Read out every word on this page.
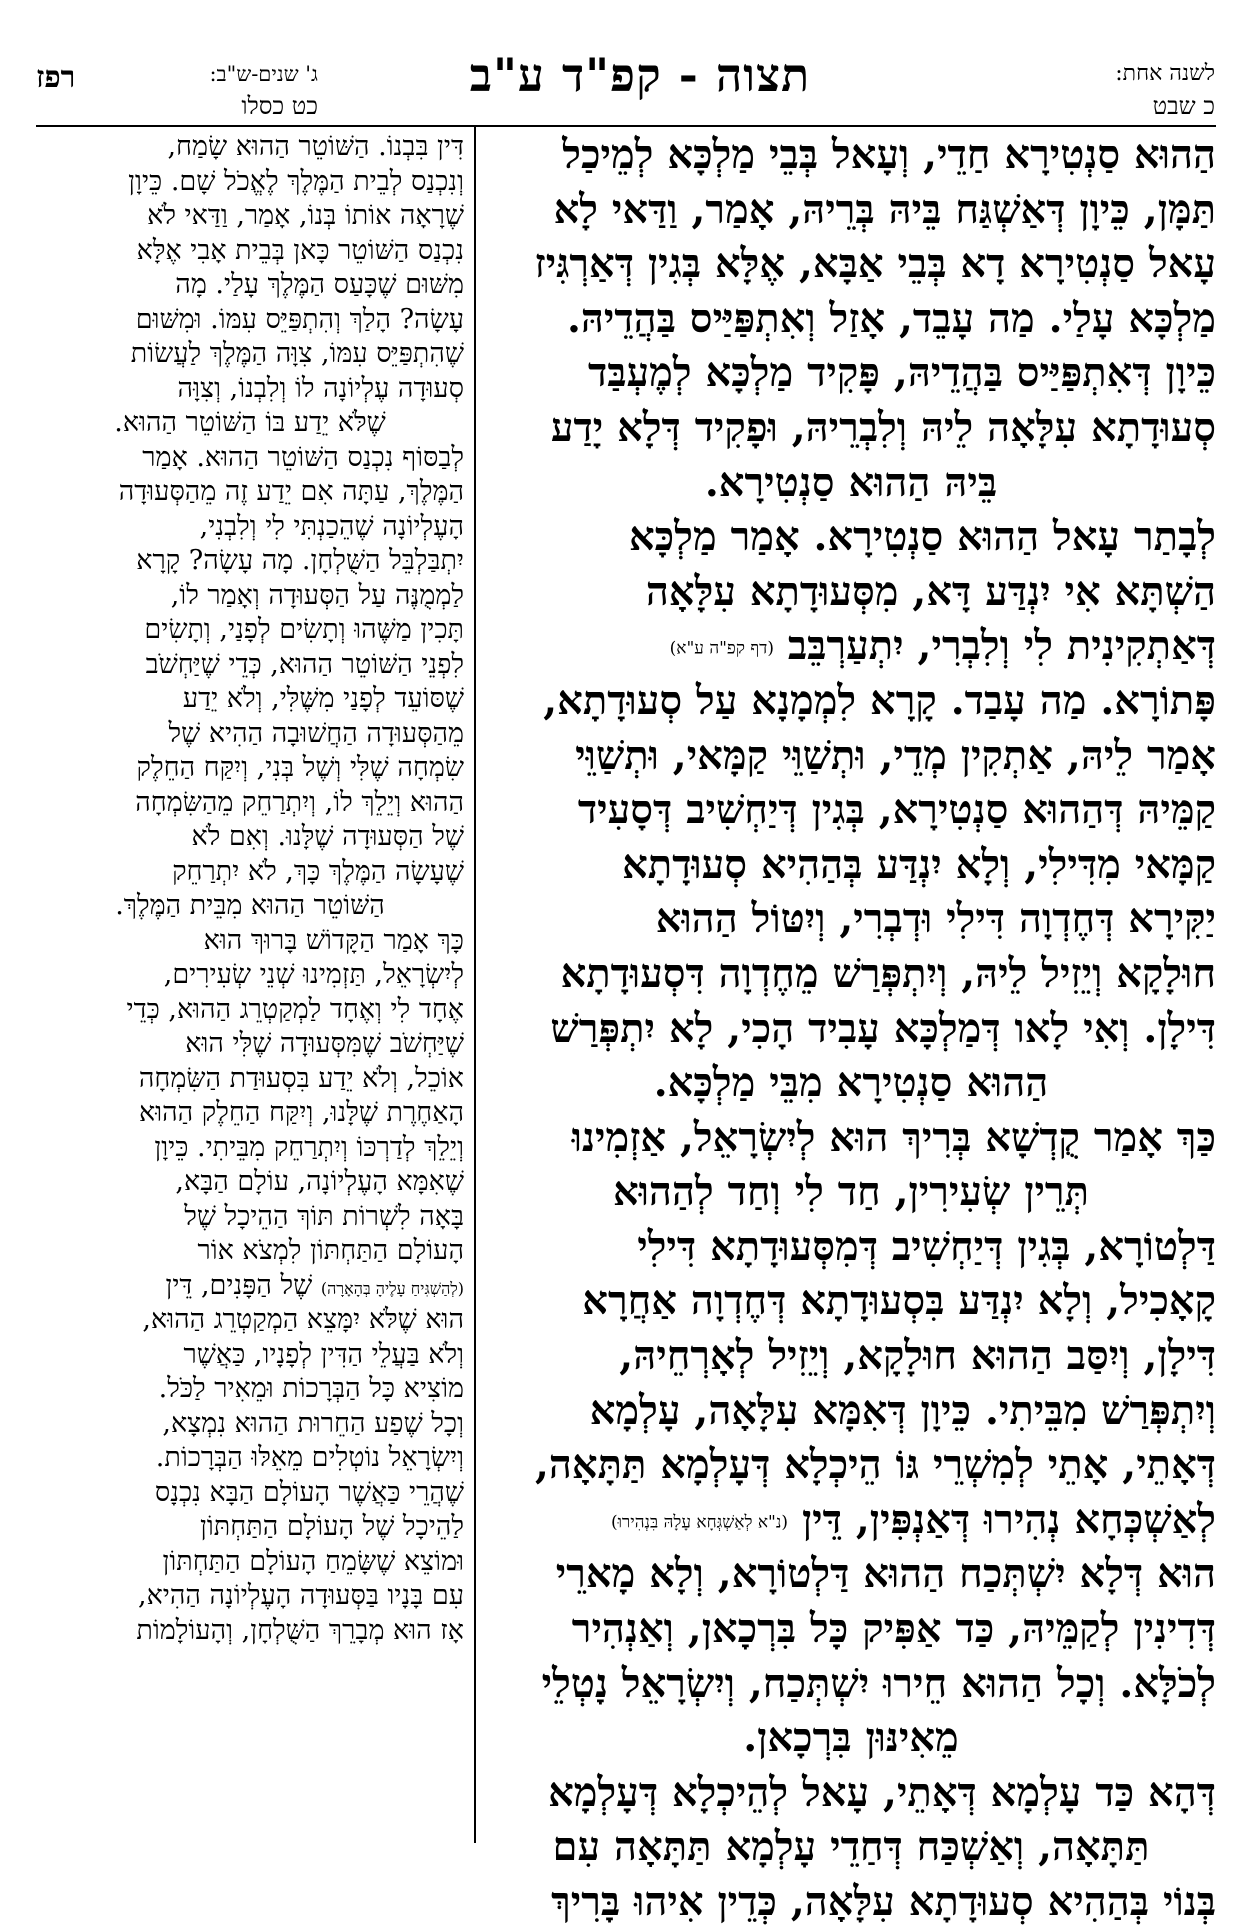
רפז	ג' שנים-ש"ב:
כט כסלו
תצוה - קפ"ד ע"ב	לשנה אחת:
כ שבט
הַהוּא סַנְטִירָא חַדֵי, וְעָאל בְּבֵי מַלְכָּא לְמֵיכַל
תַּמָּן, כֵּיוָן דְּאַשְׁגַּח בֵּיהּ בְּרֵיהּ, אָמַר, וַדַּאי לָא
עָאל סַנְטִירָא דָא בְּבֵי אַבָּא, אֶלָּא בְּגִין דְּאַרְגִּיז
מַלְכָּא עָלַי. מַה עָבֵד, אָזַל וְאִתְפַּיַּיס בַּהֲדֵיהּ.
כֵּיוָן דְּאִתְפַּיַּיס בַּהֲדֵיהּ, פָּקִיד מַלְכָּא לְמֶעְבַּד
סְעוּדָתָא עִלָּאָה לֵיהּ וְלִבְרֵיהּ, וּפָקִיד דְּלָא יָדַע
בֵּיהּ הַהוּא סַנְטִירָא.
לְבָתַר עָאל הַהוּא סַנְטִירָא. אָמַר מַלְכָּא
הַשְׁתָּא אִי יִנְדַּע דָּא, מִסְּעוּדָתָא עִלָּאָה
דְּאַתְקִינִית לִי וְלִבְרִי, יִתְעַרְבֵּב (דף קפ"ה ע"א)
פָּתוֹרָא. מַה עָבַד. קָרָא לִמְמָנָא עַל סְעוּדָתָא,
אָמַר לֵיהּ, אַתְקִין מְדֵי, וּתְשַׁוֵּי קַמָּאי, וּתְשַׁוֵּי
קַמֵּיהּ דְּהַהוּא סַנְטִירָא, בְּגִין דְּיַחְשִׁיב דְּסָעִיד
קַמָּאי מִדִּילִי, וְלָא יִנְדַּע בְּהַהִיא סְעוּדָתָא
יַקִּירָא דְּחֶדְוָה דִּילִי וּדְבְרִי, וְיִטּוֹל הַהוּא
חוּלָקָא וְיֵזִיל לֵיהּ, וְיִתְפְּרַשׁ מֵחֶדְוָה דִּסְעוּדָתָא
דִּילָן. וְאִי לָאו דְּמַלְכָּא עָבִיד הָכִי, לָא יִתְפְּרַשׁ
הַהוּא סַנְטִירָא מִבֵּי מַלְכָּא.
כַּךְ אָמַר קֻדְשָׁא בְּרִיךְ הוּא לְיִשְׂרָאֵל, אַזְמִינוּ
תְּרֵין שְׂעִירִין, חַד לִי וְחַד לְהַהוּא
דַּלְטוֹרָא, בְּגִין דְּיַחְשִׁיב דְּמִסְּעוּדָתָא דִּילִי
קָאָכִיל, וְלָא יִנְדַּע בִּסְעוּדָתָא דְּחֶדְוָה אַחֲרָא
דִּילָן, וְיִסַּב הַהוּא חוּלָקָא, וְיֵזִיל לְאָרְחֵיהּ,
וְיִתְפְּרַשׁ מִבֵּיתִי. כֵּיוָן דְּאִמָּא עִלָּאָה, עָלְמָא
דְּאָתֵי, אָתֵי לְמִשְׁרֵי גּוֹ הֵיכְלָא דְּעָלְמָא תַּתָּאָה,
לְאַשְׁכְּחָא נְהִירוּ דְּאַנְפִּין, דֵּין (נ"א לְאַשְׁגְּחָא עָלָהּ בִּנְהִירוּ)
הוּא דְּלָא יִשְׁתְּכַח הַהוּא דַּלְטוֹרָא, וְלָא מָארֵי
דְּדִינִין לְקַמֵּיהּ, כַּד אַפִּיק כָּל בִּרְכָאן, וְאַנְהִיר
לְכֹלָּא. וְכָל הַהוּא חֵירוּ יִשְׁתְּכַח, וְיִשְׂרָאֵל נָטְלֵי
מֵאִינּוּן בִּרְכָאן.
דְּהָא כַּד עָלְמָא דְּאָתֵי, עָאל לְהֵיכְלָא דְּעָלְמָא
תַּתָּאָה, וְאַשְׁכַּח דְּחַדֵי עָלְמָא תַּתָּאָה עִם
בְּנוֹי בְּהַהִיא סְעוּדָתָא עִלָּאָה, כְּדֵין אִיהוּ בָּרִיךְ
דִּין בִּבְנוֹ. הַשּׁוֹטֵר הַהוּא שָׂמַח,
וְנִכְנַס לְבֵית הַמֶּלֶךְ לֶאֱכֹל שָׁם. כֵּיוָן
שֶׁרָאָה אוֹתוֹ בְּנוֹ, אָמַר, וַדַּאי לֹא
נִכְנַס הַשּׁוֹטֵר כָּאן בְּבֵית אָבִי אֶלָּא
מִשּׁוּם שֶׁכָּעַס הַמֶּלֶךְ עָלַי. מָה
עָשָׂה? הָלַךְ וְהִתְפַּיֵּס עִמּוֹ. וּמִשּׁוּם
שֶׁהִתְפַּיֵּס עִמּוֹ, צִוָּה הַמֶּלֶךְ לַעֲשׂוֹת
סְעוּדָה עֶלְיוֹנָה לוֹ וְלִבְנוֹ, וְצִוָּה
שֶׁלֹּא יֵדַע בּוֹ הַשּׁוֹטֵר הַהוּא.
לְבַסּוֹף נִכְנַס הַשּׁוֹטֵר הַהוּא. אָמַר
הַמֶּלֶךְ, עַתָּה אִם יֵדַע זֶה מֵהַסְּעוּדָה
הָעֶלְיוֹנָה שֶׁהֵכַנְתִּי לִי וְלִבְנִי,
יִתְבַּלְבֵּל הַשֻּׁלְחָן. מָה עָשָׂה? קָרָא
לַמְמֻנֶּה עַל הַסְּעוּדָה וְאָמַר לוֹ,
תָּכִין מַשֶּׁהוּ וְתָשִׂים לְפָנַי, וְתָשִׂים
לִפְנֵי הַשּׁוֹטֵר הַהוּא, כְּדֵי שֶׁיַּחְשֹׁב
שֶׁסּוֹעֵד לְפָנַי מִשֶּׁלִּי, וְלֹא יֵדַע
מֵהַסְּעוּדָה הַחֲשׁוּבָה הַהִיא שֶׁל
שִׂמְחָה שֶׁלִּי וְשֶׁל בְּנִי, וְיִקַּח הַחֵלֶק
הַהוּא וְיֵלֵךְ לוֹ, וְיִתְרַחֵק מֵהַשִּׂמְחָה
שֶׁל הַסְּעוּדָה שֶׁלָּנוּ. וְאִם לֹא
שֶׁעָשָׂה הַמֶּלֶךְ כָּךְ, לֹא יִתְרַחֵק
הַשּׁוֹטֵר הַהוּא מִבֵּית הַמֶּלֶךְ.
כָּךְ אָמַר הַקָּדוֹשׁ בָּרוּךְ הוּא
לְיִשְׂרָאֵל, תַּזְמִינוּ שְׁנֵי שְׂעִירִים,
אֶחָד לִי וְאֶחָד לַמְקַטְרֵג הַהוּא, כְּדֵי
שֶׁיַּחְשֹׁב שֶׁמִּסְּעוּדָה שֶׁלִּי הוּא
אוֹכֵל, וְלֹא יֵדַע בִּסְעוּדַת הַשִּׂמְחָה
הָאַחֶרֶת שֶׁלָּנוּ, וְיִקַּח הַחֵלֶק הַהוּא
וְיֵלֵךְ לְדַרְכּוֹ וְיִתְרַחֵק מִבֵּיתִי. כֵּיוָן
שֶׁאִמָּא הָעֶלְיוֹנָה, עוֹלָם הַבָּא,
בָּאָה לִשְׁרוֹת תּוֹךְ הַהֵיכָל שֶׁל
הָעוֹלָם הַתַּחְתּוֹן לִמְצֹא אוֹר
(לְהַשְׁגִּיחַ עָלֶיהָ בְּהָאָרָה) שֶׁל הַפָּנִים, דֵּין
הוּא שֶׁלֹּא יִמָּצֵא הַמְקַטְרֵג הַהוּא,
וְלֹא בַּעֲלֵי הַדִּין לְפָנָיו, כַּאֲשֶׁר
מוֹצִיא כָּל הַבְּרָכוֹת וּמֵאִיר לַכֹּל.
וְכָל שֶׁפַע הַחֵרוּת הַהוּא נִמְצָא,
וְיִשְׂרָאֵל נוֹטְלִים מֵאֵלּוּ הַבְּרָכוֹת.
שֶׁהֲרֵי כַּאֲשֶׁר הָעוֹלָם הַבָּא נִכְנָס
לַהֵיכָל שֶׁל הָעוֹלָם הַתַּחְתּוֹן
וּמוֹצֵא שֶׁשָּׂמֵחַ הָעוֹלָם הַתַּחְתּוֹן
עִם בָּנָיו בַּסְּעוּדָה הָעֶלְיוֹנָה הַהִיא,
אָז הוּא מְבָרֵךְ הַשֻּׁלְחָן, וְהָעוֹלָמוֹת
